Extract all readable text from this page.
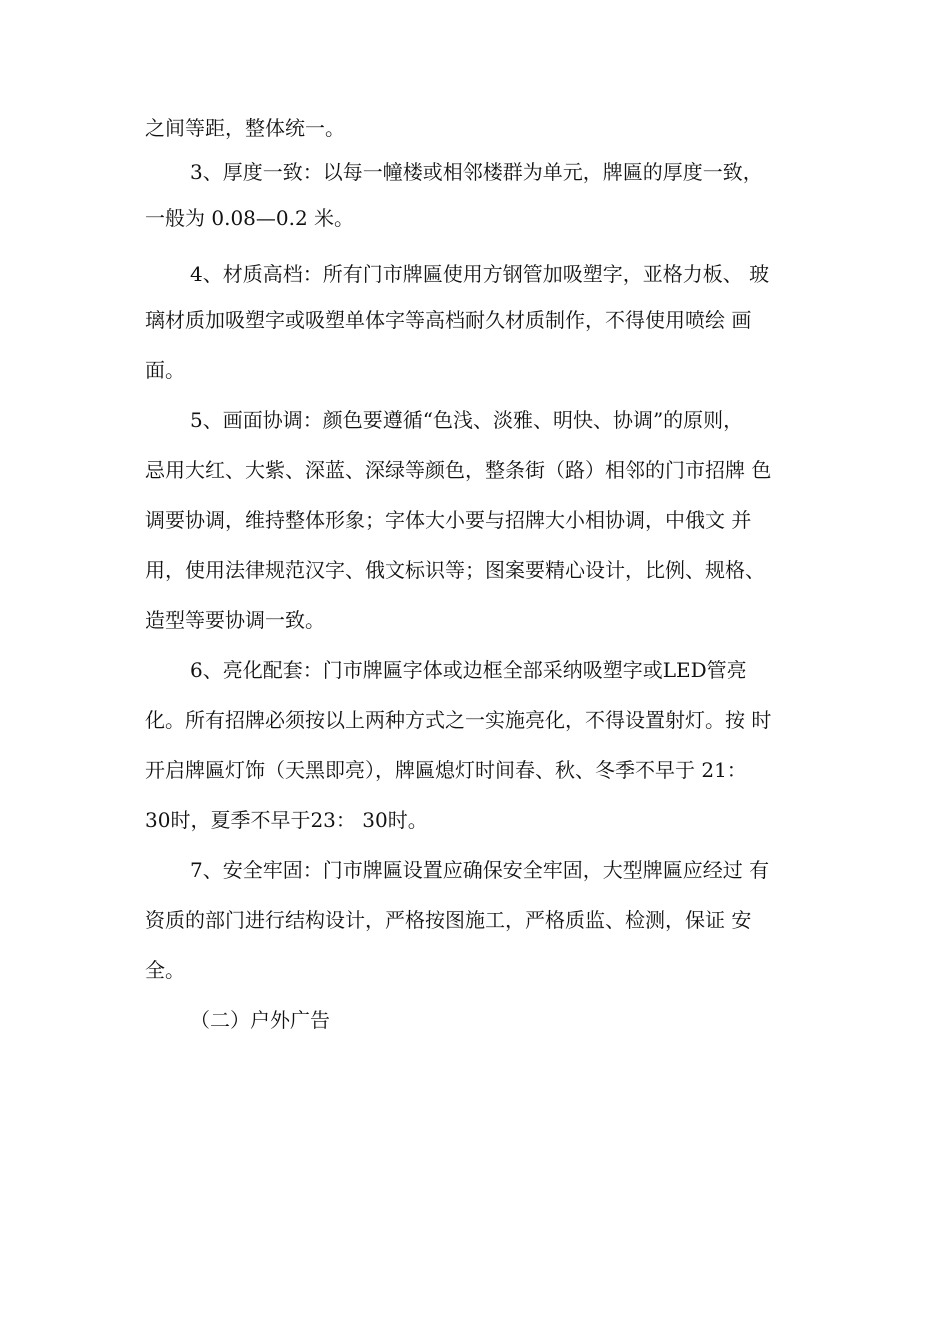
之间等距，整体统一。
3、厚度一致：以每一幢楼或相邻楼群为单元，牌匾的厚度一致，
一般为 0.08—0.2 米。
4、材质高档：所有门市牌匾使用方钢管加吸塑字，亚格力板、 玻
璃材质加吸塑字或吸塑单体字等高档耐久材质制作，不得使用喷绘 画
面。
5、画面协调：颜色要遵循“色浅、淡雅、明快、协调”的原则，
忌用大红、大紫、深蓝、深绿等颜色，整条街（路）相邻的门市招牌 色
调要协调，维持整体形象；字体大小要与招牌大小相协调，中俄文 并
用，使用法律规范汉字、俄文标识等；图案要精心设计，比例、规格、
造型等要协调一致。
6、亮化配套：门市牌匾字体或边框全部采纳吸塑字或LED管亮
化。所有招牌必须按以上两种方式之一实施亮化，不得设置射灯。按 时
开启牌匾灯饰（天黑即亮），牌匾熄灯时间春、秋、冬季不早于 21：
30时，夏季不早于23： 30时。
7、安全牢固：门市牌匾设置应确保安全牢固，大型牌匾应经过 有
资质的部门进行结构设计，严格按图施工，严格质监、检测，保证 安
全。
（二）户外广告
